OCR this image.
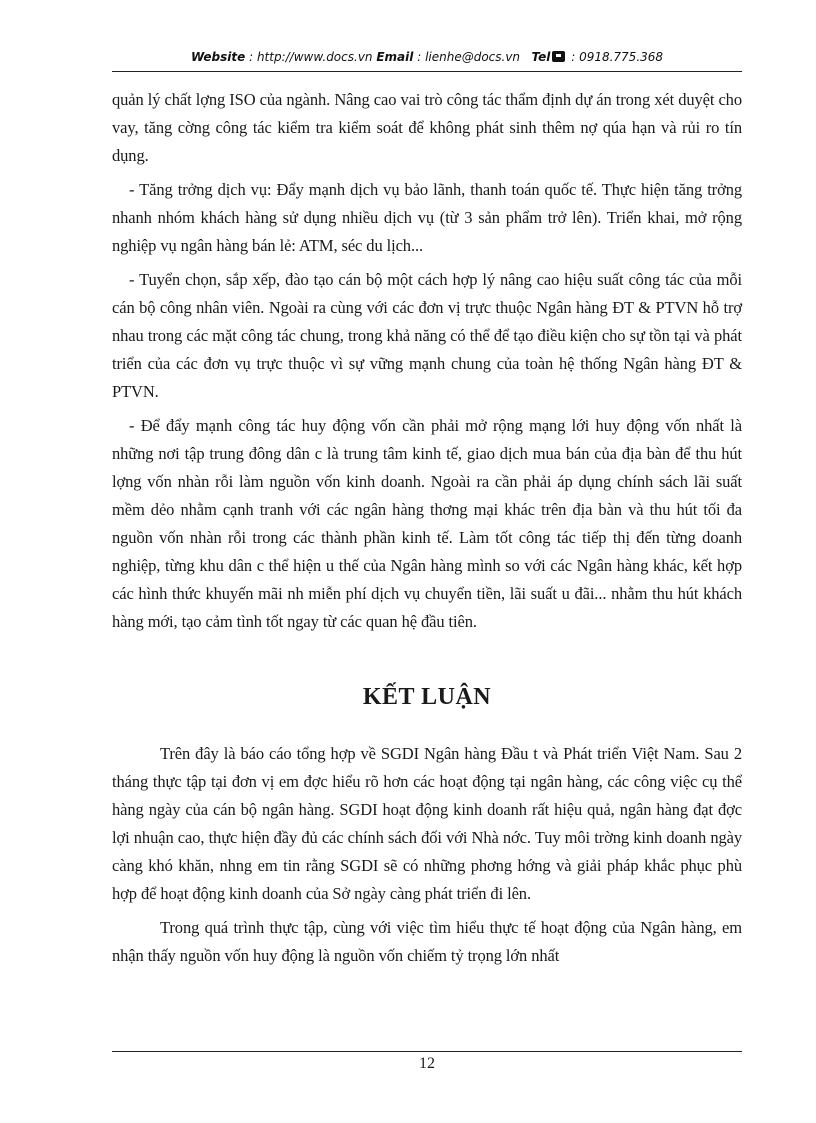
Website : http://www.docs.vn Email : lienhe@docs.vn Tel : 0918.775.368

quản lý chất lợng ISO của ngành. Nâng cao vai trò công tác thẩm định dự án trong xét duyệt cho vay, tăng cờng công tác kiểm tra kiểm soát để không phát sinh thêm nợ qúa hạn và rủi ro tín dụng.

- Tăng trởng dịch vụ: Đẩy mạnh dịch vụ bảo lãnh, thanh toán quốc tế. Thực hiện tăng trởng nhanh nhóm khách hàng sử dụng nhiều dịch vụ (từ 3 sản phẩm trở lên). Triển khai, mở rộng nghiệp vụ ngân hàng bán lẻ: ATM, séc du lịch...

- Tuyển chọn, sắp xếp, đào tạo cán bộ một cách hợp lý nâng cao hiệu suất công tác của mỗi cán bộ công nhân viên. Ngoài ra cùng với các đơn vị trực thuộc Ngân hàng ĐT & PTVN hỗ trợ nhau trong các mặt công tác chung, trong khả năng có thể để tạo điều kiện cho sự tồn tại và phát triển của các đơn vụ trực thuộc vì sự vững mạnh chung của toàn hệ thống Ngân hàng ĐT & PTVN.

- Để đẩy mạnh công tác huy động vốn cần phải mở rộng mạng lới huy động vốn nhất là những nơi tập trung đông dân c là trung tâm kinh tế, giao dịch mua bán của địa bàn để thu hút lợng vốn nhàn rỗi làm nguồn vốn kinh doanh. Ngoài ra cần phải áp dụng chính sách lãi suất mềm dẻo nhằm cạnh tranh với các ngân hàng thơng mại khác trên địa bàn và thu hút tối đa nguồn vốn nhàn rỗi trong các thành phần kinh tế. Làm tốt công tác tiếp thị đến từng doanh nghiệp, từng khu dân c thể hiện u thế của Ngân hàng mình so với các Ngân hàng khác, kết hợp các hình thức khuyến mãi nh miễn phí dịch vụ chuyển tiền, lãi suất u đãi... nhằm thu hút khách hàng mới, tạo cảm tình tốt ngay từ các quan hệ đầu tiên.

KẾT LUẬN

Trên đây là báo cáo tổng hợp về SGDI Ngân hàng Đầu t và Phát triển Việt Nam. Sau 2 tháng thực tập tại đơn vị em đợc hiểu rõ hơn các hoạt động tại ngân hàng, các công việc cụ thể hàng ngày của cán bộ ngân hàng. SGDI hoạt động kinh doanh rất hiệu quả, ngân hàng đạt đợc lợi nhuận cao, thực hiện đầy đủ các chính sách đối với Nhà nớc. Tuy môi trờng kinh doanh ngày càng khó khăn, nhng em tin rằng SGDI sẽ có những phơng hớng và giải pháp khắc phục phù hợp để hoạt động kinh doanh của Sở ngày càng phát triển đi lên.

Trong quá trình thực tập, cùng với việc tìm hiểu thực tế hoạt động của Ngân hàng, em nhận thấy nguồn vốn huy động là nguồn vốn chiếm tỷ trọng lớn nhất

12
